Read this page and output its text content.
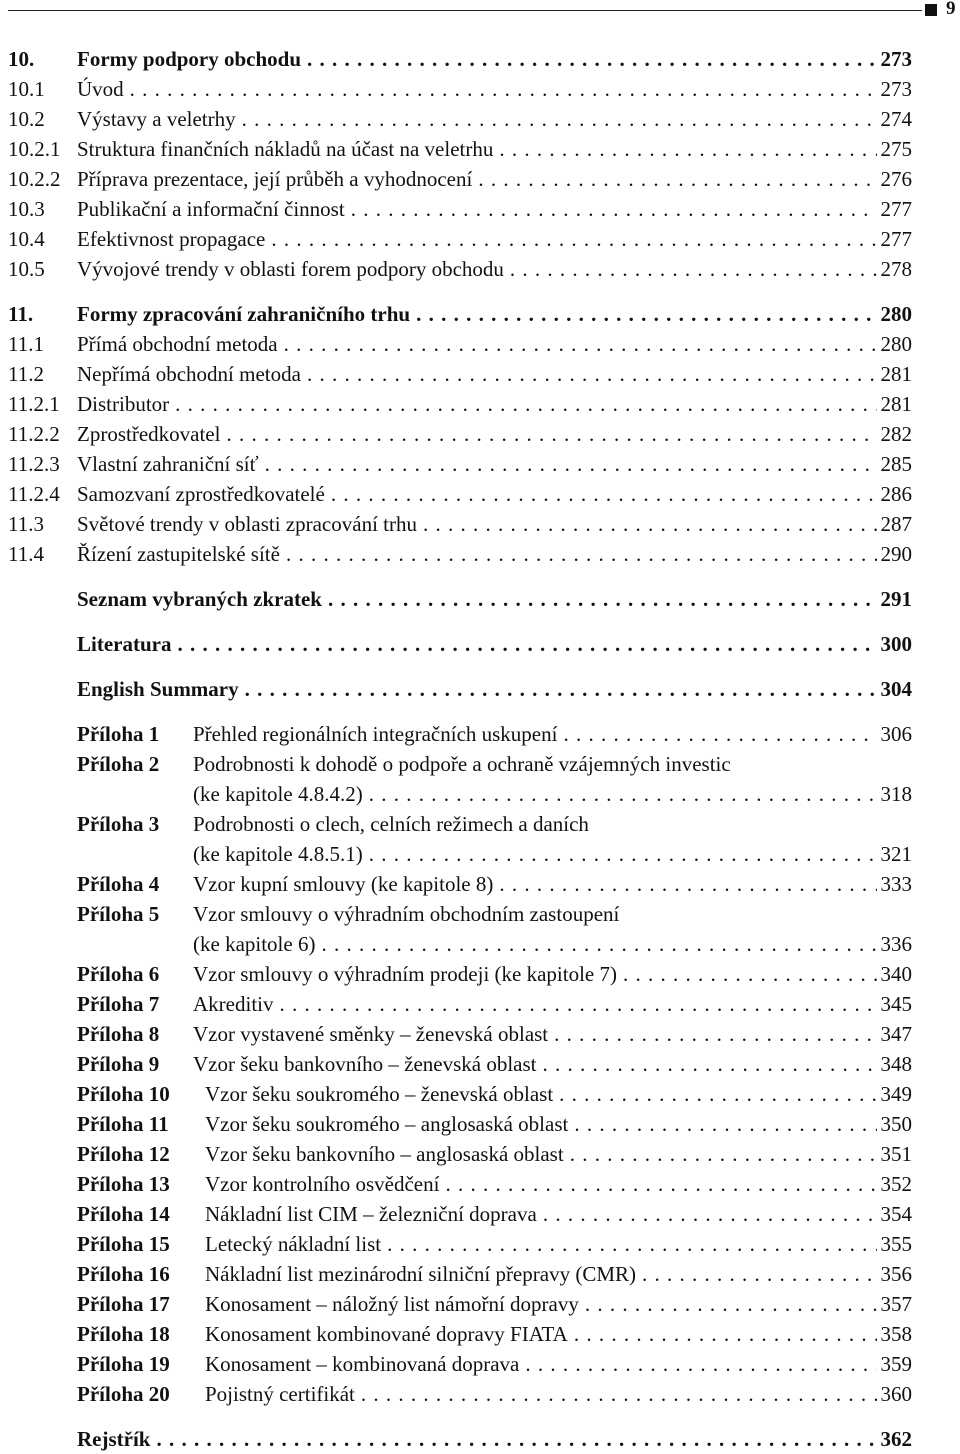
9
10.	Formy podpory obchodu . . .	273
10.1	Úvod . . .	273
10.2	Výstavy a veletrhy . . .	274
10.2.1 Struktura finančních nákladů na účast na veletrhu . . .	275
10.2.2 Příprava prezentace, její průběh a vyhodnocení . . .	276
10.3	Publikační a informační činnost . . .	277
10.4	Efektivnost propagace . . .	277
10.5	Vývojové trendy v oblasti forem podpory obchodu . . .	278
11.	Formy zpracování zahraničního trhu . . .	280
11.1	Přímá obchodní metoda . . .	280
11.2	Nepřímá obchodní metoda . . .	281
11.2.1 Distributor . . .	281
11.2.2 Zprostředkovatel . . .	282
11.2.3 Vlastní zahraniční síť . . .	285
11.2.4 Samozvaní zprostředkovatelé . . .	286
11.3	Světové trendy v oblasti zpracování trhu . . .	287
11.4	Řízení zastupitelské sítě . . .	290
Seznam vybraných zkratek . . .	291
Literatura . . .	300
English Summary . . .	304
Příloha 1	Přehled regionálních integračních uskupení . . .	306
Příloha 2	Podrobnosti k dohodě o podpoře a ochraně vzájemných investic
(ke kapitole 4.8.4.2) . . .	318
Příloha 3	Podrobnosti o clech, celních režimech a daních
(ke kapitole 4.8.5.1) . . .	321
Příloha 4	Vzor kupní smlouvy (ke kapitole 8) . . .	333
Příloha 5	Vzor smlouvy o výhradním obchodním zastoupení
(ke kapitole 6) . . .	336
Příloha 6	Vzor smlouvy o výhradním prodeji (ke kapitole 7) . . .	340
Příloha 7	Akreditiv . . .	345
Příloha 8	Vzor vystavené směnky – ženevská oblast . . .	347
Příloha 9	Vzor šeku bankovního – ženevská oblast . . .	348
Příloha 10	Vzor šeku soukromého – ženevská oblast . . .	349
Příloha 11	Vzor šeku soukromého – anglosaská oblast . . .	350
Příloha 12	Vzor šeku bankovního – anglosaská oblast . . .	351
Příloha 13	Vzor kontrolního osvědčení . . .	352
Příloha 14	Nákladní list CIM – železniční doprava . . .	354
Příloha 15	Letecký nákladní list . . .	355
Příloha 16	Nákladní list mezinárodní silniční přepravy (CMR) . . .	356
Příloha 17	Konosament – náložný list námořní dopravy . . .	357
Příloha 18	Konosament kombinované dopravy FIATA . . .	358
Příloha 19	Konosament – kombinovaná doprava . . .	359
Příloha 20	Pojistný certifikát . . .	360
Rejstřík . . .	362
